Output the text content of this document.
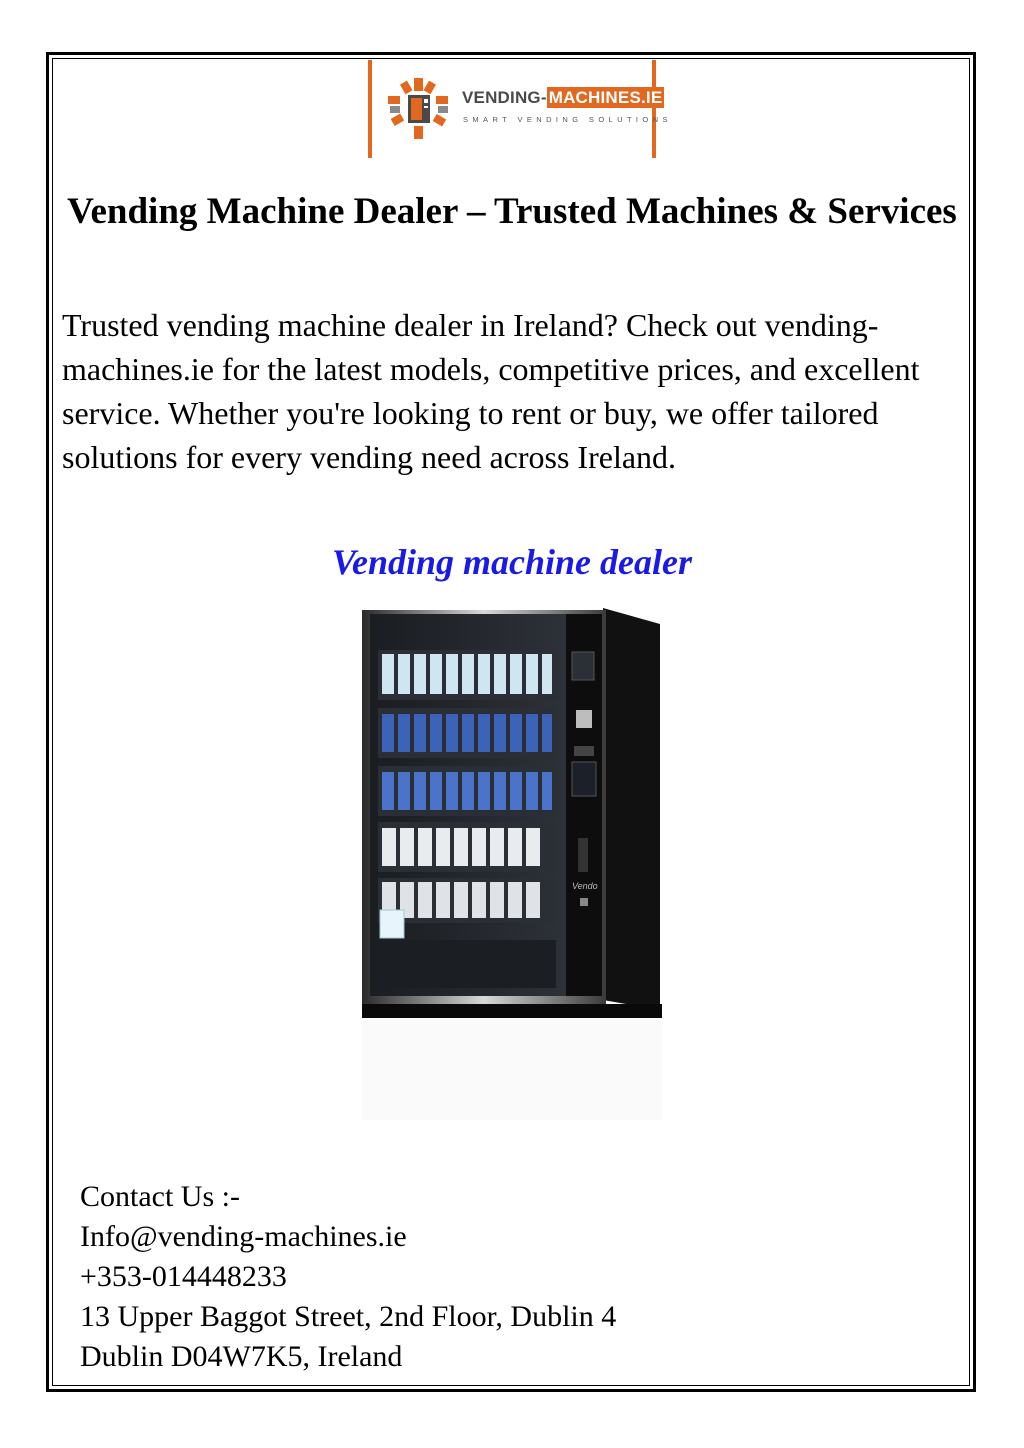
VENDING- MACHINES.IE
SMART VENDING SOLUTIONS
Vending Machine Dealer – Trusted Machines & Services

Trusted vending machine dealer in Ireland? Check out vending-machines.ie for the latest models, competitive prices, and excellent service. Whether you're looking to rent or buy, we offer tailored solutions for every vending need across Ireland.

Vending machine dealer
Vendo
Contact Us :-
Info@vending-machines.ie
+353-014448233
13 Upper Baggot Street, 2nd Floor, Dublin 4
Dublin D04W7K5, Ireland
